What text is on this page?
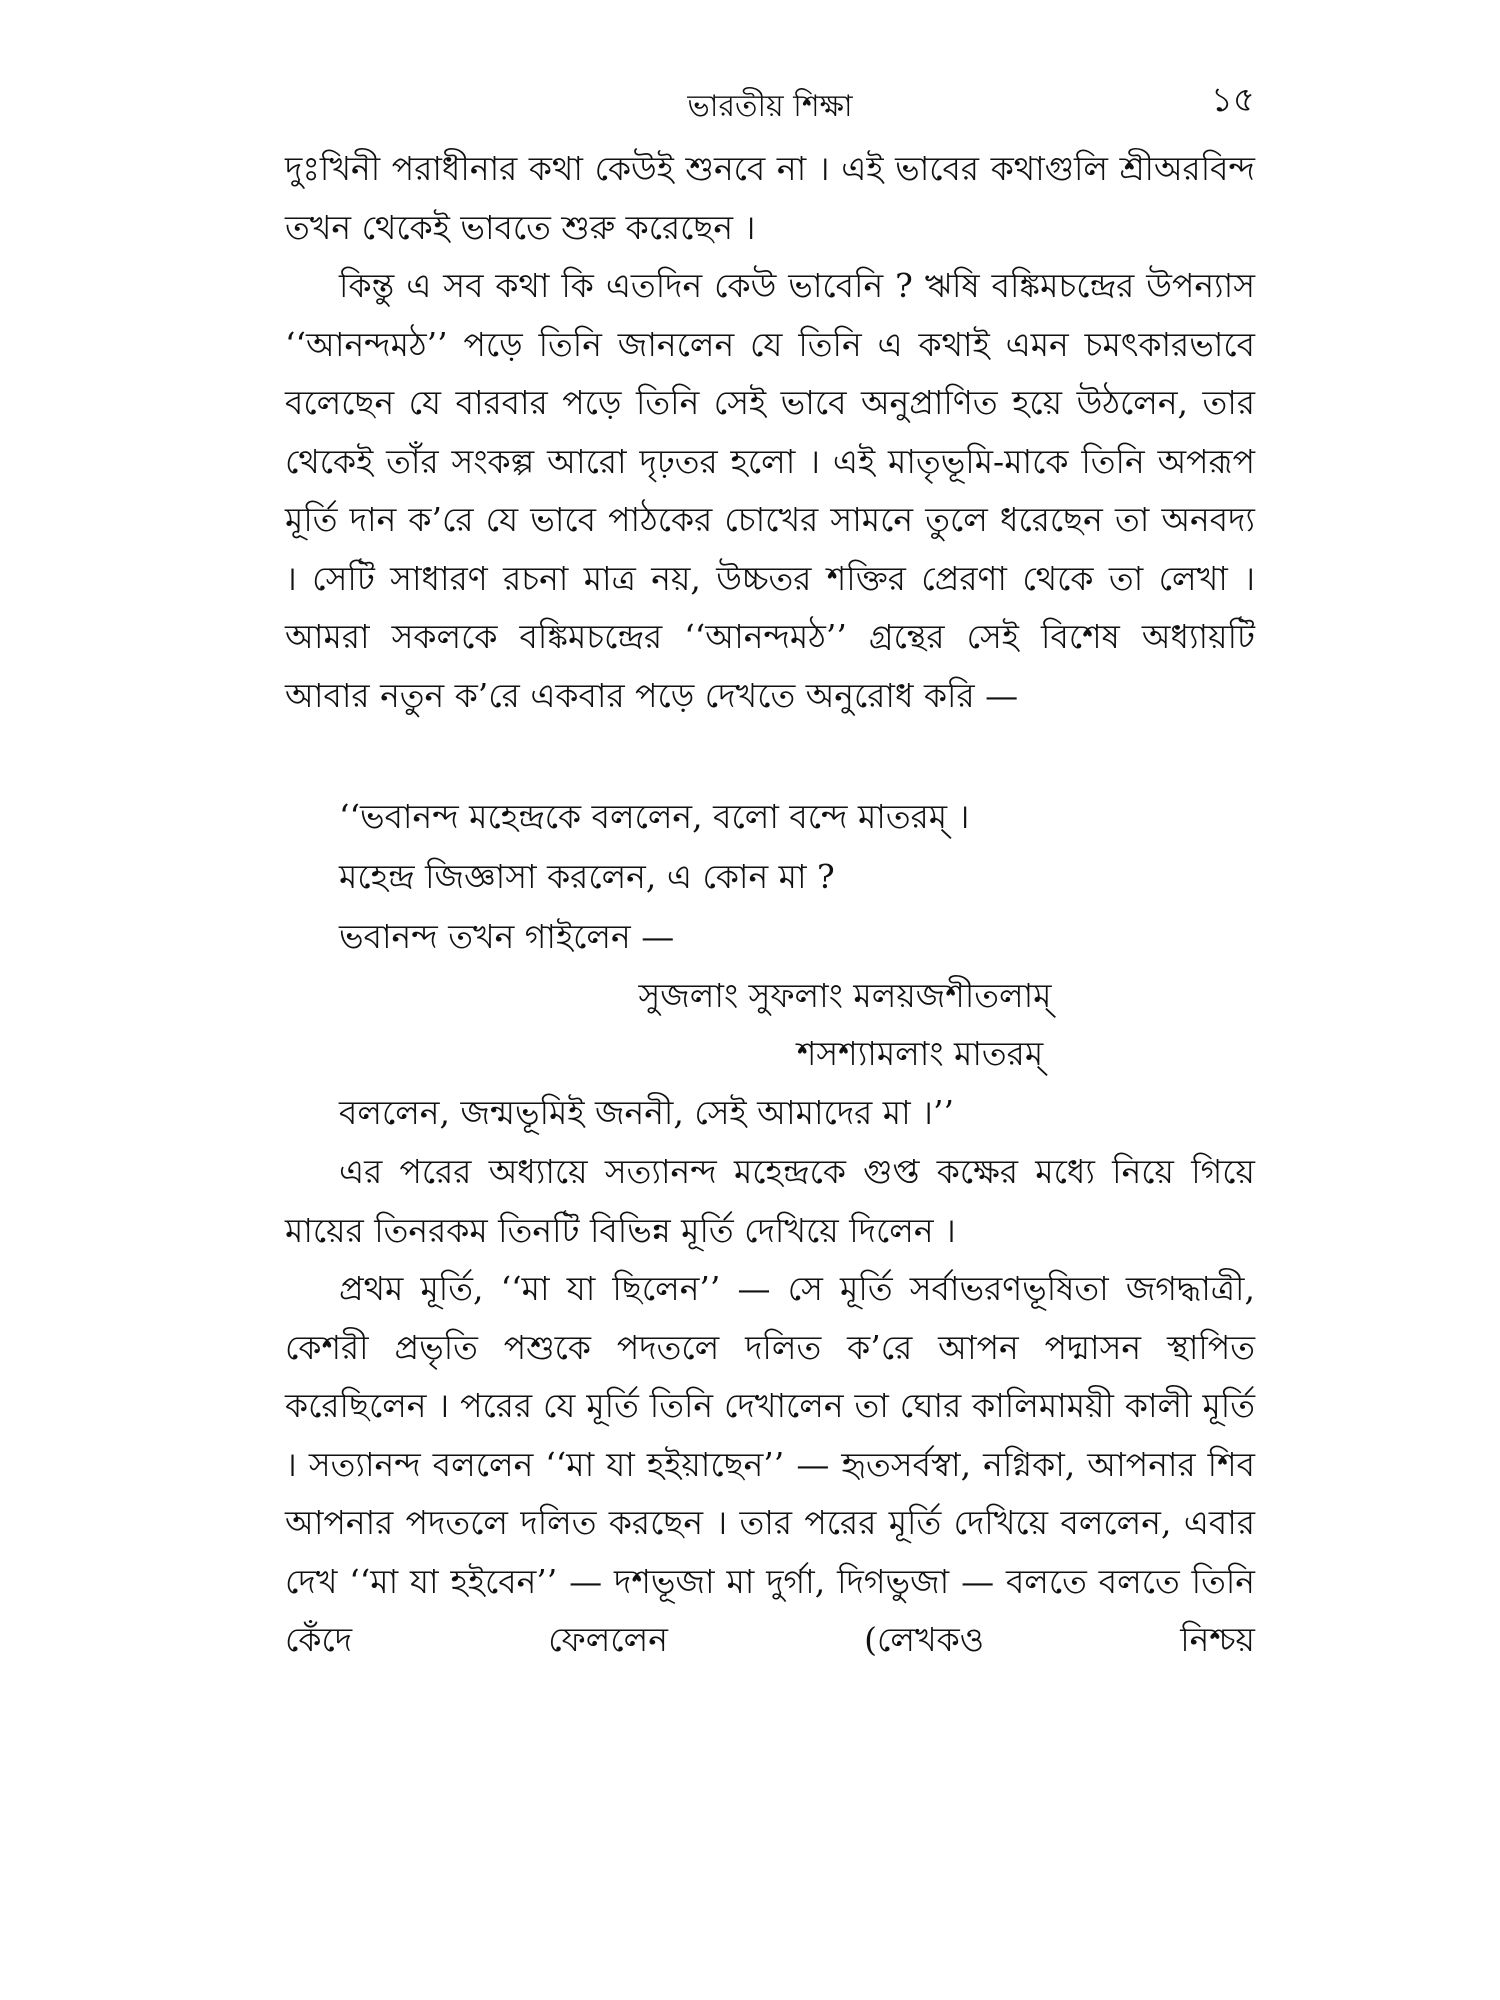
ভারতীয় শিক্ষা	১৫

দুঃখিনী পরাধীনার কথা কেউই শুনবে না । এই ভাবের কথাগুলি শ্রীঅরবিন্দ তখন থেকেই ভাবতে শুরু করেছেন ।

কিন্তু এ সব কথা কি এতদিন কেউ ভাবেনি ? ঋষি বঙ্কিমচন্দ্রের উপন্যাস ‘‘আনন্দমঠ’’ পড়ে তিনি জানলেন যে তিনি এ কথাই এমন চমৎকারভাবে বলেছেন যে বারবার পড়ে তিনি সেই ভাবে অনুপ্রাণিত হয়ে উঠলেন, তার থেকেই তাঁর সংকল্প আরো দৃঢ়তর হলো । এই মাতৃভূমি-মাকে তিনি অপরূপ মূর্তি দান ক’রে যে ভাবে পাঠকের চোখের সামনে তুলে ধরেছেন তা অনবদ্য । সেটি সাধারণ রচনা মাত্র নয়, উচ্চতর শক্তির প্রেরণা থেকে তা লেখা । আমরা সকলকে বঙ্কিমচন্দ্রের ‘‘আনন্দমঠ’’ গ্রন্থের সেই বিশেষ অধ্যায়টি আবার নতুন ক’রে একবার পড়ে দেখতে অনুরোধ করি —

‘‘ভবানন্দ মহেন্দ্রকে বললেন, বলো বন্দে মাতরম্ ।

মহেন্দ্র জিজ্ঞাসা করলেন, এ কোন মা ?

ভবানন্দ তখন গাইলেন —

সুজলাং সুফলাং মলয়জশীতলাম্

শসশ্যামলাং মাতরম্

বললেন, জন্মভূমিই জননী, সেই আমাদের মা ।’’

এর পরের অধ্যায়ে সত্যানন্দ মহেন্দ্রকে গুপ্ত কক্ষের মধ্যে নিয়ে গিয়ে মায়ের তিনরকম তিনটি বিভিন্ন মূর্তি দেখিয়ে দিলেন ।

প্রথম মূর্তি, ‘‘মা যা ছিলেন’’ — সে মূর্তি সর্বাভরণভূষিতা জগদ্ধাত্রী, কেশরী প্রভৃতি পশুকে পদতলে দলিত ক’রে আপন পদ্মাসন স্থাপিত করেছিলেন । পরের যে মূর্তি তিনি দেখালেন তা ঘোর কালিমাময়ী কালী মূর্তি । সত্যানন্দ বললেন ‘‘মা যা হইয়াছেন’’ — হৃতসর্বস্বা, নগ্নিকা, আপনার শিব আপনার পদতলে দলিত করছেন । তার পরের মূর্তি দেখিয়ে বললেন, এবার দেখ ‘‘মা যা হইবেন’’ — দশভূজা মা দুর্গা, দিগভুজা — বলতে বলতে তিনি কেঁদে ফেললেন (লেখকও নিশ্চয়
